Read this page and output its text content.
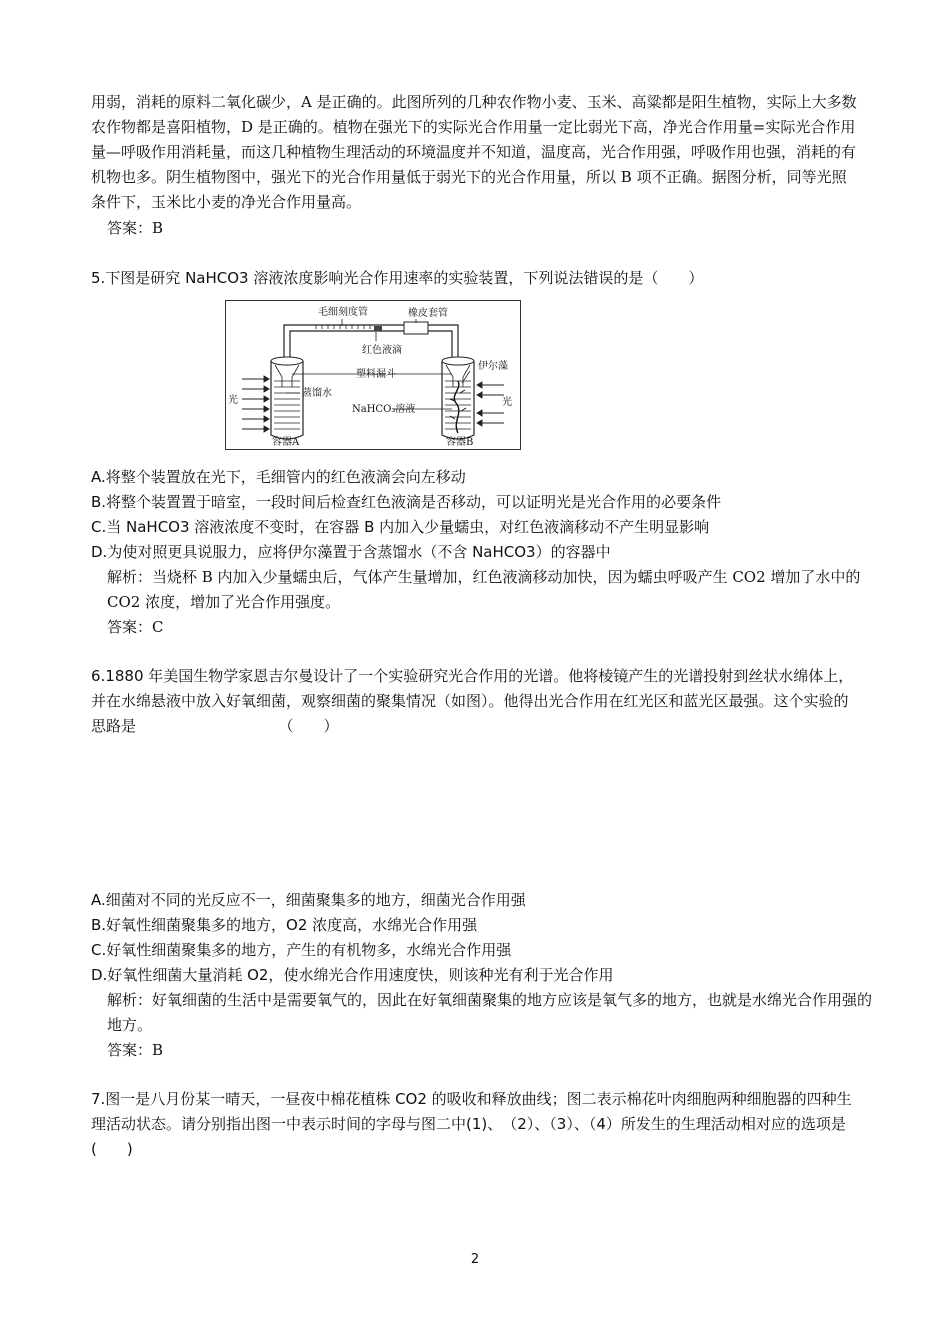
用弱，消耗的原料二氧化碳少，A 是正确的。此图所列的几种农作物小麦、玉米、高粱都是阳生植物，实际上大多数农作物都是喜阳植物，D 是正确的。植物在强光下的实际光合作用量一定比弱光下高，净光合作用量=实际光合作用量—呼吸作用消耗量，而这几种植物生理活动的环境温度并不知道，温度高，光合作用强，呼吸作用也强，消耗的有机物也多。阴生植物图中，强光下的光合作用量低于弱光下的光合作用量，所以 B 项不正确。据图分析，同等光照条件下，玉米比小麦的净光合作用量高。

答案：B

5.下图是研究 NaHCO3 溶液浓度影响光合作用速率的实验装置，下列说法错误的是（　　）

毛细刻度管	橡皮套管
红色液滴
塑料漏斗
伊尔藻
蒸馏水
NaHCO₃溶液
光	光
容器A	容器B

A.将整个装置放在光下，毛细管内的红色液滴会向左移动

B.将整个装置置于暗室，一段时间后检查红色液滴是否移动，可以证明光是光合作用的必要条件

C.当 NaHCO3 溶液浓度不变时，在容器 B 内加入少量蠕虫，对红色液滴移动不产生明显影响

D.为使对照更具说服力，应将伊尔藻置于含蒸馏水（不含 NaHCO3）的容器中

解析：当烧杯 B 内加入少量蠕虫后，气体产生量增加，红色液滴移动加快，因为蠕虫呼吸产生 CO2 增加了水中的 CO2 浓度，增加了光合作用强度。

答案：C

6.1880 年美国生物学家恩吉尔曼设计了一个实验研究光合作用的光谱。他将棱镜产生的光谱投射到丝状水绵体上，并在水绵悬液中放入好氧细菌，观察细菌的聚集情况（如图）。他得出光合作用在红光区和蓝光区最强。这个实验的思路是　　　　　　　　　　（　　）

A.细菌对不同的光反应不一，细菌聚集多的地方，细菌光合作用强

B.好氧性细菌聚集多的地方，O2 浓度高，水绵光合作用强

C.好氧性细菌聚集多的地方，产生的有机物多，水绵光合作用强

D.好氧性细菌大量消耗 O2，使水绵光合作用速度快，则该种光有利于光合作用

解析：好氧细菌的生活中是需要氧气的，因此在好氧细菌聚集的地方应该是氧气多的地方，也就是水绵光合作用强的地方。

答案：B

7.图一是八月份某一晴天，一昼夜中棉花植株 CO2 的吸收和释放曲线；图二表示棉花叶肉细胞两种细胞器的四种生理活动状态。请分别指出图一中表示时间的字母与图二中(1)、　（2）、（3）、（4）所发生的生理活动相对应的选项是　(　　)

2
